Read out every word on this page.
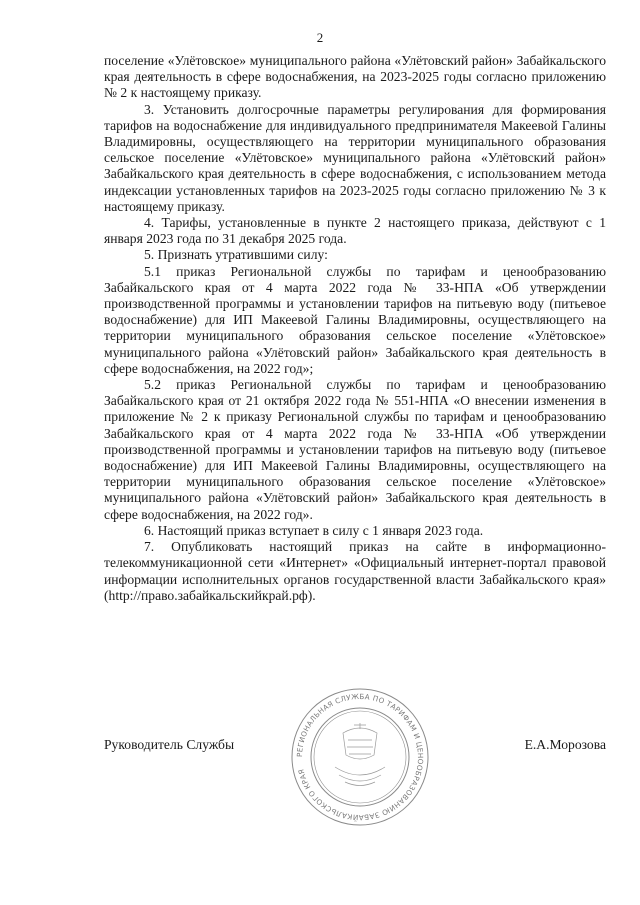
2

поселение «Улётовское» муниципального района «Улётовский район» Забайкальского края деятельность в сфере водоснабжения, на 2023-2025 годы согласно приложению № 2 к настоящему приказу.

3. Установить долгосрочные параметры регулирования для формирования тарифов на водоснабжение для индивидуального предпринимателя Макеевой Галины Владимировны, осуществляющего на территории муниципального образования сельское поселение «Улётовское» муниципального района «Улётовский район» Забайкальского края деятельность в сфере водоснабжения, с использованием метода индексации установленных тарифов на 2023-2025 годы согласно приложению № 3 к настоящему приказу.

4. Тарифы, установленные в пункте 2 настоящего приказа, действуют с 1 января 2023 года по 31 декабря 2025 года.

5. Признать утратившими силу:

5.1 приказ Региональной службы по тарифам и ценообразованию Забайкальского края от 4 марта 2022 года № 33-НПА «Об утверждении производственной программы и установлении тарифов на питьевую воду (питьевое водоснабжение) для ИП Макеевой Галины Владимировны, осуществляющего на территории муниципального образования сельское поселение «Улётовское» муниципального района «Улётовский район» Забайкальского края деятельность в сфере водоснабжения, на 2022 год»;

5.2 приказ Региональной службы по тарифам и ценообразованию Забайкальского края от 21 октября 2022 года № 551-НПА «О внесении изменения в приложение № 2 к приказу Региональной службы по тарифам и ценообразованию Забайкальского края от 4 марта 2022 года № 33-НПА «Об утверждении производственной программы и установлении тарифов на питьевую воду (питьевое водоснабжение) для ИП Макеевой Галины Владимировны, осуществляющего на территории муниципального образования сельское поселение «Улётовское» муниципального района «Улётовский район» Забайкальского края деятельность в сфере водоснабжения, на 2022 год».

6. Настоящий приказ вступает в силу с 1 января 2023 года.

7. Опубликовать настоящий приказ на сайте в информационно-телекоммуникационной сети «Интернет» «Официальный интернет-портал правовой информации исполнительных органов государственной власти Забайкальского края» (http://право.забайкальскийкрай.рф).

РЕГИОНАЛЬНАЯ СЛУЖБА ПО ТАРИФАМ И ЦЕНООБРАЗОВАНИЮ ЗАБАЙКАЛЬСКОГО КРАЯ
Руководитель Службы	Е.А.Морозова
